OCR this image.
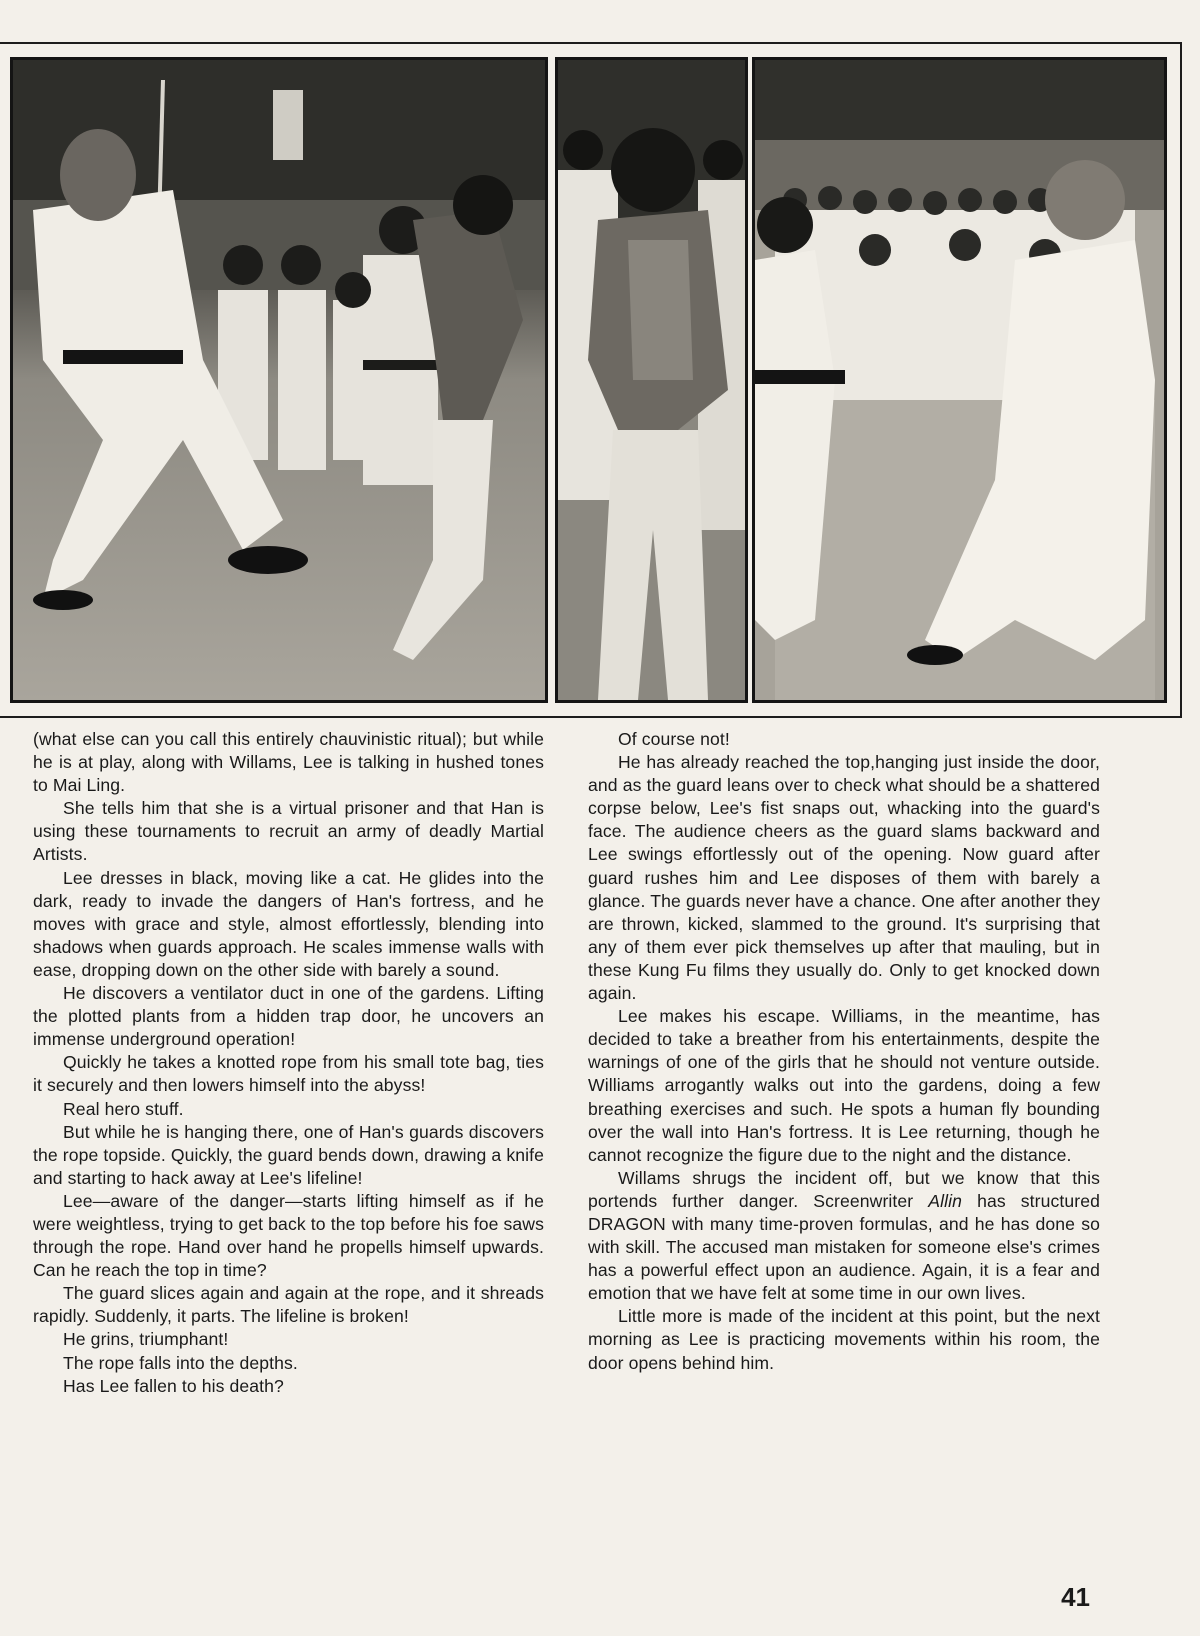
(what else can you call this entirely chauvinistic ritual); but while he is at play, along with Willams, Lee is talking in hushed tones to Mai Ling.

She tells him that she is a virtual prisoner and that Han is using these tournaments to recruit an army of deadly Martial Artists.

Lee dresses in black, moving like a cat. He glides into the dark, ready to invade the dangers of Han's fortress, and he moves with grace and style, almost effortlessly, blending into shadows when guards approach. He scales immense walls with ease, dropping down on the other side with barely a sound.

He discovers a ventilator duct in one of the gardens. Lifting the plotted plants from a hidden trap door, he uncovers an immense underground operation!

Quickly he takes a knotted rope from his small tote bag, ties it securely and then lowers himself into the abyss!

Real hero stuff.

But while he is hanging there, one of Han's guards discovers the rope topside. Quickly, the guard bends down, drawing a knife and starting to hack away at Lee's lifeline!

Lee—aware of the danger—starts lifting himself as if he were weightless, trying to get back to the top before his foe saws through the rope. Hand over hand he propells himself upwards. Can he reach the top in time?

The guard slices again and again at the rope, and it shreads rapidly. Suddenly, it parts. The lifeline is broken!

He grins, triumphant!

The rope falls into the depths.

Has Lee fallen to his death?

Of course not!

He has already reached the top,hanging just inside the door, and as the guard leans over to check what should be a shattered corpse below, Lee's fist snaps out, whacking into the guard's face. The audience cheers as the guard slams backward and Lee swings effortlessly out of the opening. Now guard after guard rushes him and Lee disposes of them with barely a glance. The guards never have a chance. One after another they are thrown, kicked, slammed to the ground. It's surprising that any of them ever pick themselves up after that mauling, but in these Kung Fu films they usually do. Only to get knocked down again.

Lee makes his escape. Williams, in the meantime, has decided to take a breather from his entertainments, despite the warnings of one of the girls that he should not venture outside. Williams arrogantly walks out into the gardens, doing a few breathing exercises and such. He spots a human fly bounding over the wall into Han's fortress. It is Lee returning, though he cannot recognize the figure due to the night and the distance.

Willams shrugs the incident off, but we know that this portends further danger. Screenwriter Allin has structured DRAGON with many time-proven formulas, and he has done so with skill. The accused man mistaken for someone else's crimes has a powerful effect upon an audience. Again, it is a fear and emotion that we have felt at some time in our own lives.

Little more is made of the incident at this point, but the next morning as Lee is practicing movements within his room, the door opens behind him.

41
